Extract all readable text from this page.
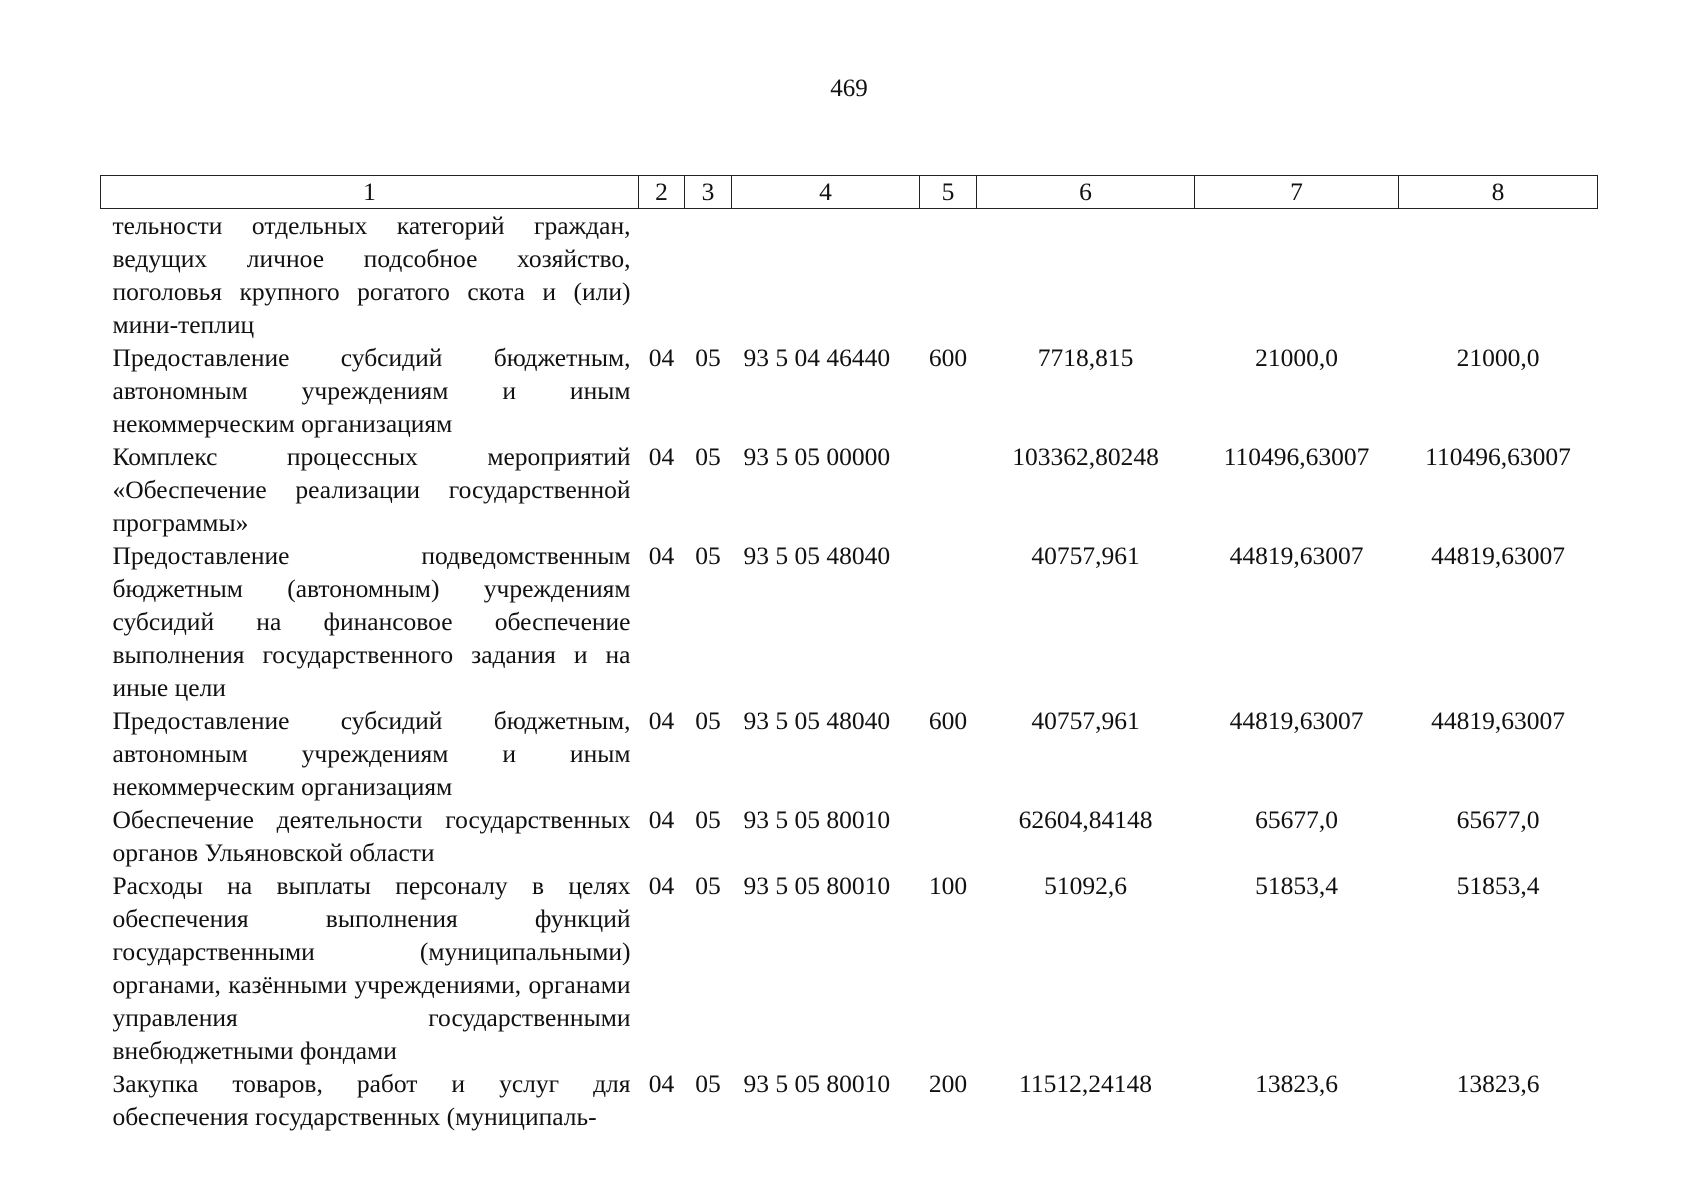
469
1	2	3	4	5	6	7	8
тельности отдельных категорий граждан, ведущих личное подсобное хозяйство, поголовья крупного рогатого скота и (или) мини-теплиц							
Предоставление субсидий бюджетным, автономным учреждениям и иным некоммерческим организациям	04	05	93 5 04 46440	600	7718,815	21000,0	21000,0
Комплекс процессных мероприятий «Обеспечение реализации государственной программы»	04	05	93 5 05 00000		103362,80248	110496,63007	110496,63007
Предоставление подведомственным бюджетным (автономным) учреждениям субсидий на финансовое обеспечение выполнения государственного задания и на иные цели	04	05	93 5 05 48040		40757,961	44819,63007	44819,63007
Предоставление субсидий бюджетным, автономным учреждениям и иным некоммерческим организациям	04	05	93 5 05 48040	600	40757,961	44819,63007	44819,63007
Обеспечение деятельности государственных органов Ульяновской области	04	05	93 5 05 80010		62604,84148	65677,0	65677,0
Расходы на выплаты персоналу в целях обеспечения выполнения функций государственными (муниципальными) органами, казёнными учреждениями, органами управления государственными внебюджетными фондами	04	05	93 5 05 80010	100	51092,6	51853,4	51853,4
Закупка товаров, работ и услуг для обеспечения государственных (муниципаль-	04	05	93 5 05 80010	200	11512,24148	13823,6	13823,6
